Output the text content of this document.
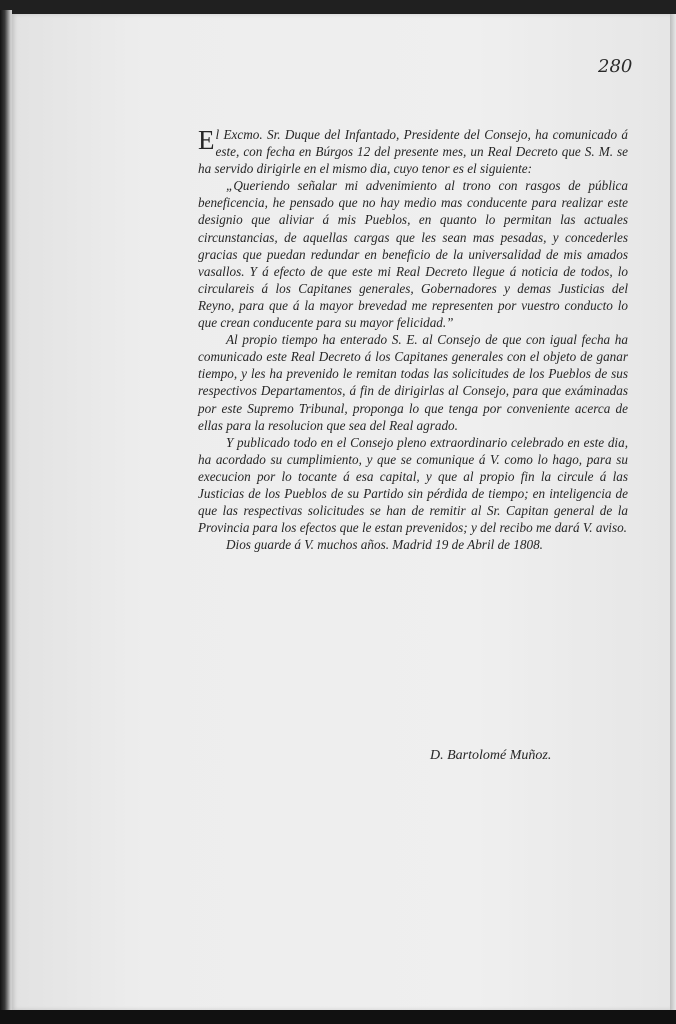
280

El Excmo. Sr. Duque del Infantado, Presidente del Consejo, ha comunicado á este, con fecha en Búrgos 12 del presente mes, un Real Decreto que S. M. se ha servido dirigirle en el mismo dia, cuyo tenor es el siguiente:

„Queriendo señalar mi advenimiento al trono con rasgos de pública beneficencia, he pensado que no hay medio mas conducente para realizar este designio que aliviar á mis Pueblos, en quanto lo permitan las actuales circunstancias, de aquellas cargas que les sean mas pesadas, y concederles gracias que puedan redundar en beneficio de la universalidad de mis amados vasallos. Y á efecto de que este mi Real Decreto llegue á noticia de todos, lo circulareis á los Capitanes generales, Gobernadores y demas Justicias del Reyno, para que á la mayor brevedad me representen por vuestro conducto lo que crean conducente para su mayor felicidad.”

Al propio tiempo ha enterado S. E. al Consejo de que con igual fecha ha comunicado este Real Decreto á los Capitanes generales con el objeto de ganar tiempo, y les ha prevenido le remitan todas las solicitudes de los Pueblos de sus respectivos Departamentos, á fin de dirigirlas al Consejo, para que exáminadas por este Supremo Tribunal, proponga lo que tenga por conveniente acerca de ellas para la resolucion que sea del Real agrado.

Y publicado todo en el Consejo pleno extraordinario celebrado en este dia, ha acordado su cumplimiento, y que se comunique á V. como lo hago, para su execucion por lo tocante á esa capital, y que al propio fin la circule á las Justicias de los Pueblos de su Partido sin pérdida de tiempo; en inteligencia de que las respectivas solicitudes se han de remitir al Sr. Capitan general de la Provincia para los efectos que le estan prevenidos; y del recibo me dará V. aviso.

Dios guarde á V. muchos años. Madrid 19 de Abril de 1808.

D. Bartolomé Muñoz.
